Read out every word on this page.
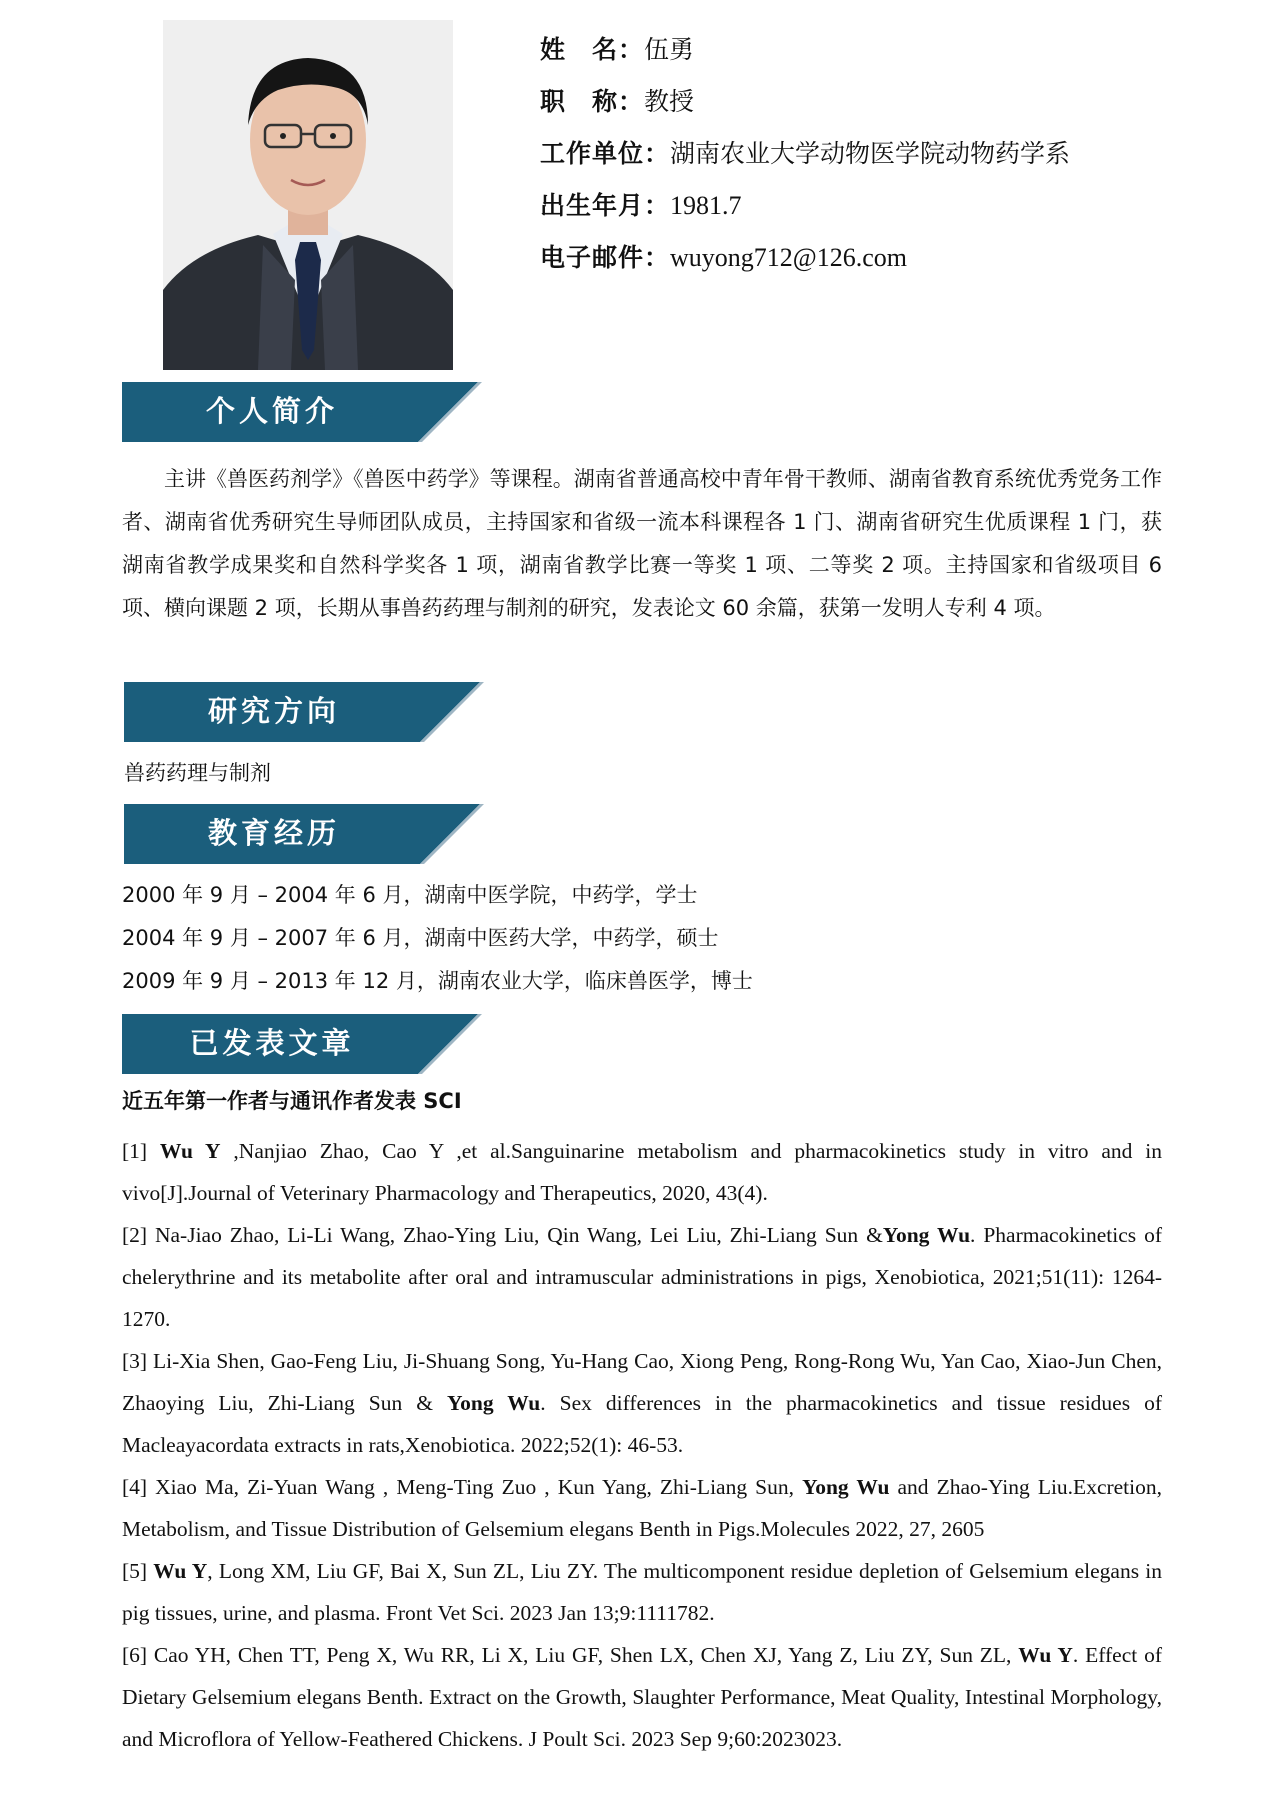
姓　名：伍勇
职　称：教授
工作单位：湖南农业大学动物医学院动物药学系
出生年月：1981.7
电子邮件：wuyong712@126.com
个人简介
主讲《兽医药剂学》《兽医中药学》等课程。湖南省普通高校中青年骨干教师、湖南省教育系统优秀党务工作者、湖南省优秀研究生导师团队成员，主持国家和省级一流本科课程各 1 门、湖南省研究生优质课程 1 门，获湖南省教学成果奖和自然科学奖各 1 项，湖南省教学比赛一等奖 1 项、二等奖 2 项。主持国家和省级项目 6 项、横向课题 2 项，长期从事兽药药理与制剂的研究，发表论文 60 余篇，获第一发明人专利 4 项。
研究方向
兽药药理与制剂
教育经历
2000 年 9 月 – 2004 年 6 月，湖南中医学院，中药学，学士
2004 年 9 月 – 2007 年 6 月，湖南中医药大学，中药学，硕士
2009 年 9 月 – 2013 年 12 月，湖南农业大学，临床兽医学，博士
已发表文章
近五年第一作者与通讯作者发表 SCI

[1] Wu Y ,Nanjiao Zhao, Cao Y ,et al.Sanguinarine metabolism and pharmacokinetics study in vitro and in vivo[J].Journal of Veterinary Pharmacology and Therapeutics, 2020, 43(4).

[2] Na-Jiao Zhao, Li-Li Wang, Zhao-Ying Liu, Qin Wang, Lei Liu, Zhi-Liang Sun &Yong Wu. Pharmacokinetics of chelerythrine and its metabolite after oral and intramuscular administrations in pigs, Xenobiotica, 2021;51(11): 1264-1270.

[3] Li-Xia Shen, Gao-Feng Liu, Ji-Shuang Song, Yu-Hang Cao, Xiong Peng, Rong-Rong Wu, Yan Cao, Xiao-Jun Chen, Zhaoying Liu, Zhi-Liang Sun & Yong Wu. Sex differences in the pharmacokinetics and tissue residues of Macleayacordata extracts in rats,Xenobiotica. 2022;52(1): 46-53.

[4] Xiao Ma, Zi-Yuan Wang , Meng-Ting Zuo , Kun Yang, Zhi-Liang Sun, Yong Wu and Zhao-Ying Liu.Excretion, Metabolism, and Tissue Distribution of Gelsemium elegans Benth in Pigs.Molecules 2022, 27, 2605

[5] Wu Y, Long XM, Liu GF, Bai X, Sun ZL, Liu ZY. The multicomponent residue depletion of Gelsemium elegans in pig tissues, urine, and plasma. Front Vet Sci. 2023 Jan 13;9:1111782.

[6] Cao YH, Chen TT, Peng X, Wu RR, Li X, Liu GF, Shen LX, Chen XJ, Yang Z, Liu ZY, Sun ZL, Wu Y. Effect of Dietary Gelsemium elegans Benth. Extract on the Growth, Slaughter Performance, Meat Quality, Intestinal Morphology, and Microflora of Yellow-Feathered Chickens. J Poult Sci. 2023 Sep 9;60:2023023.
